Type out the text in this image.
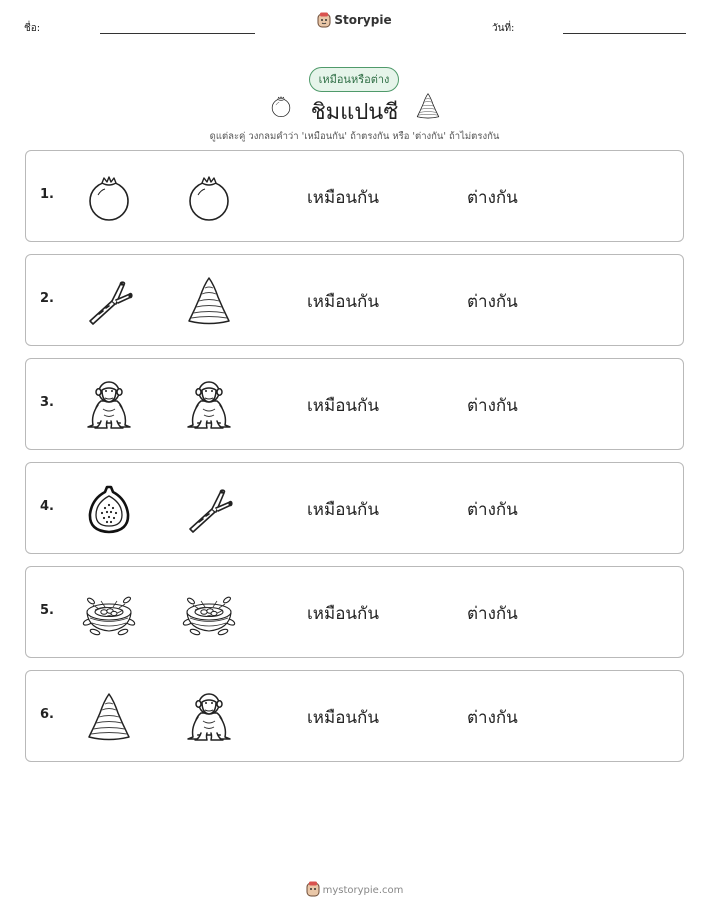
ชื่อ:
Storypie
วันที่:
เหมือนหรือต่าง
ชิมแปนซี
ดูแต่ละคู่ วงกลมคำว่า 'เหมือนกัน' ถ้าตรงกัน หรือ 'ต่างกัน' ถ้าไม่ตรงกัน
1.	เหมือนกัน	ต่างกัน
2.	เหมือนกัน	ต่างกัน
3.	เหมือนกัน	ต่างกัน
4.	เหมือนกัน	ต่างกัน
5.	เหมือนกัน	ต่างกัน
6.	เหมือนกัน	ต่างกัน
mystorypie.com
